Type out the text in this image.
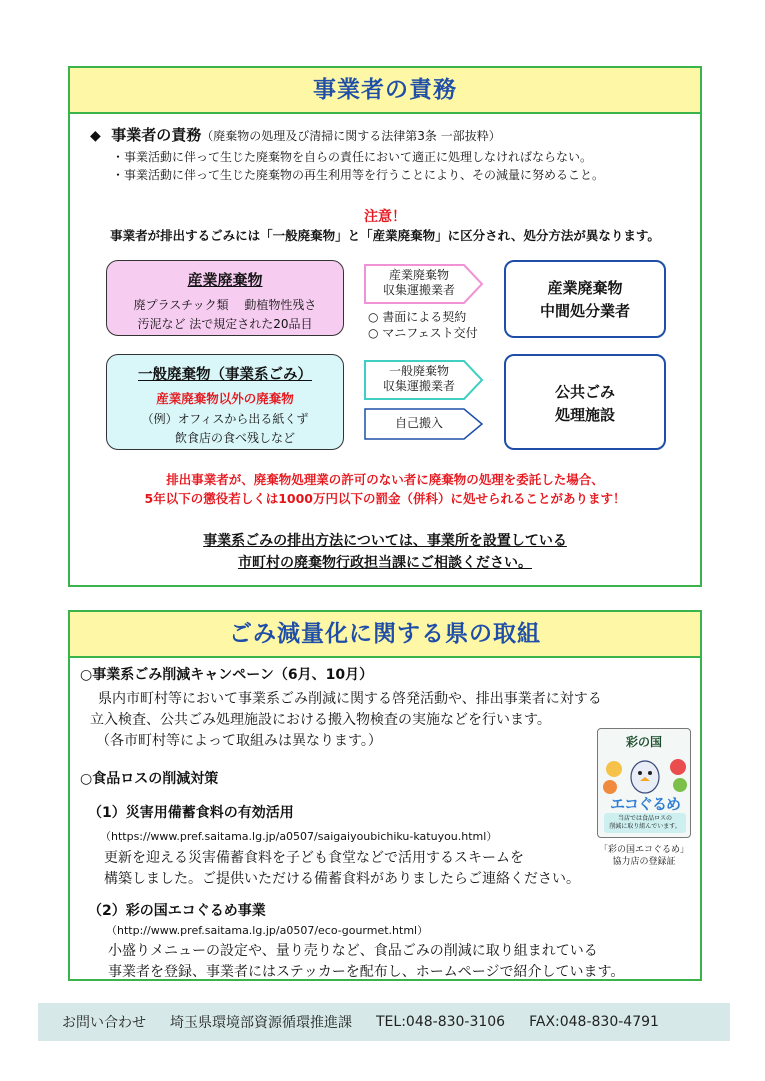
事業者の責務
◆ 事業者の責務（廃棄物の処理及び清掃に関する法律第3条 一部抜粋）
・事業活動に伴って生じた廃棄物を自らの責任において適正に処理しなければならない。
・事業活動に伴って生じた廃棄物の再生利用等を行うことにより、その減量に努めること。
注意！
事業者が排出するごみには「一般廃棄物」と「産業廃棄物」に区分され、処分方法が異なります。
産業廃棄物
廃プラスチック類　 動植物性残さ
汚泥など 法で規定された20品目
産業廃棄物
収集運搬業者
○ 書面による契約
○ マニフェスト交付
産業廃棄物
中間処分業者
一般廃棄物（事業系ごみ）
産業廃棄物以外の廃棄物
（例）オフィスから出る紙くず
飲食店の食べ残しなど
一般廃棄物
収集運搬業者
自己搬入
公共ごみ
処理施設
排出事業者が、廃棄物処理業の許可のない者に廃棄物の処理を委託した場合、
5年以下の懲役若しくは1000万円以下の罰金（併科）に処せられることがあります！
事業系ごみの排出方法については、事業所を設置している
市町村の廃棄物行政担当課にご相談ください。
ごみ減量化に関する県の取組
○事業系ごみ削減キャンペーン（6月、10月）
県内市町村等において事業系ごみ削減に関する啓発活動や、排出事業者に対する
立入検査、公共ごみ処理施設における搬入物検査の実施などを行います。
（各市町村等によって取組みは異なります。）
○食品ロスの削減対策
（1）災害用備蓄食料の有効活用
（https://www.pref.saitama.lg.jp/a0507/saigaiyoubichiku-katuyou.html）
更新を迎える災害備蓄食料を子ども食堂などで活用するスキームを
構築しました。ご提供いただける備蓄食料がありましたらご連絡ください。
（2）彩の国エコぐるめ事業
（http://www.pref.saitama.lg.jp/a0507/eco-gourmet.html）
小盛りメニューの設定や、量り売りなど、食品ごみの削減に取り組まれている
事業者を登録、事業者にはステッカーを配布し、ホームページで紹介しています。
彩の国
エコぐるめ
当店では食品ロスの
削減に取り組んでいます。
「彩の国エコぐるめ」
協力店の登録証
お問い合わせ 埼玉県環境部資源循環推進課 TEL:048-830-3106 FAX:048-830-4791
